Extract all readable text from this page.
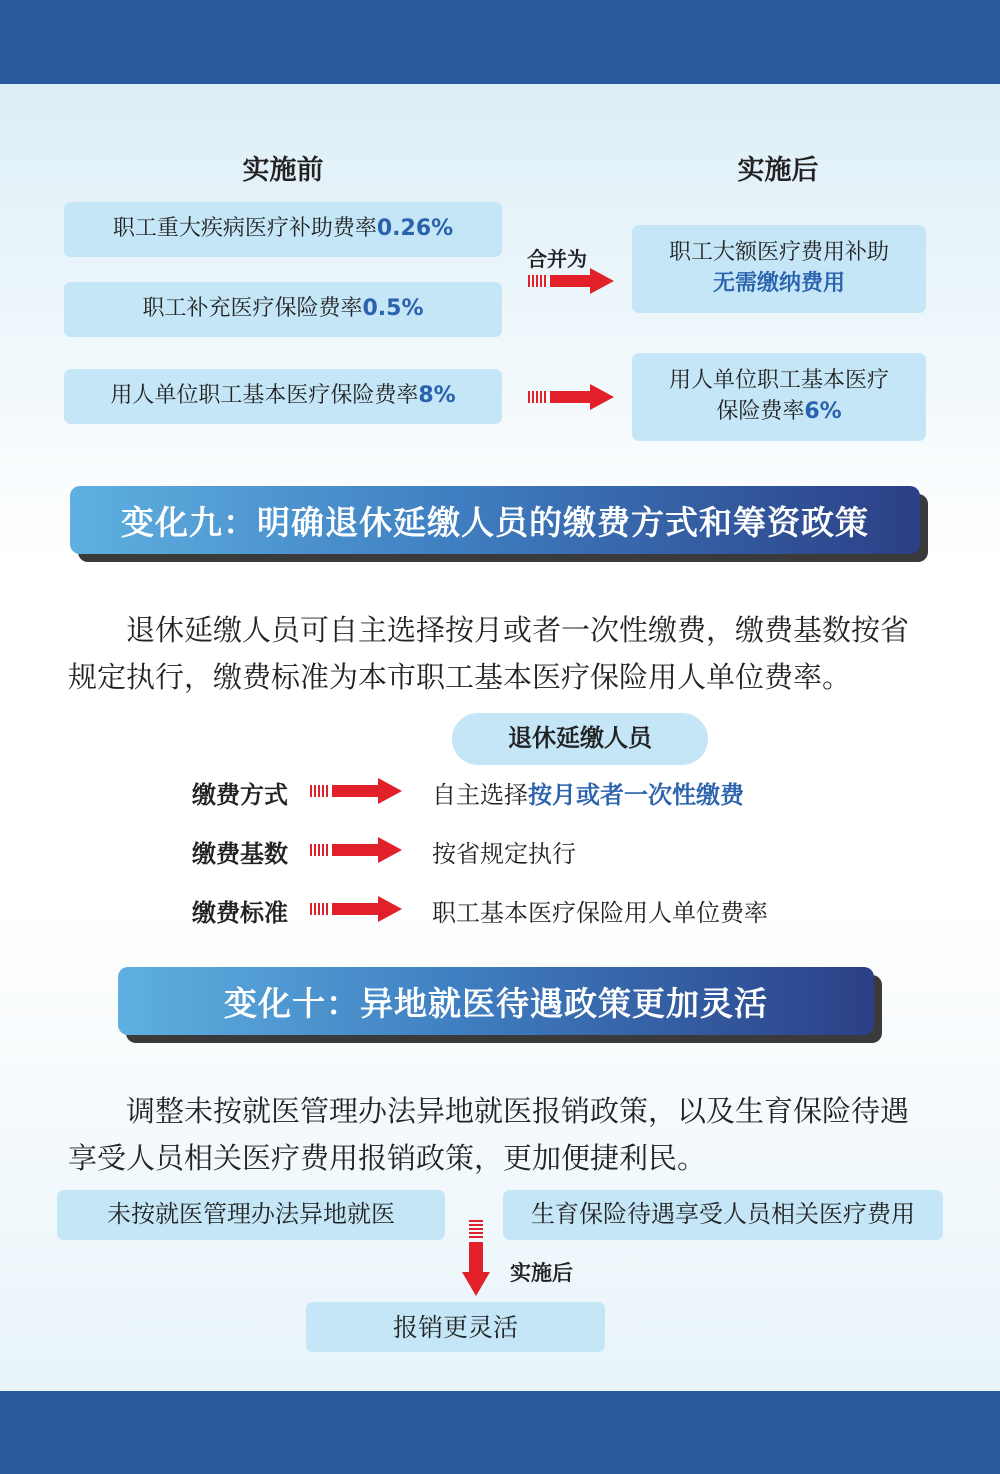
实施前	实施后
职工重大疾病医疗补助费率0.26%
职工补充医疗保险费率0.5%
用人单位职工基本医疗保险费率8%
合并为	职工大额医疗费用补助
无需缴纳费用
用人单位职工基本医疗
保险费率6%
变化九：明确退休延缴人员的缴费方式和筹资政策
退休延缴人员可自主选择按月或者一次性缴费，缴费基数按省规定执行，缴费标准为本市职工基本医疗保险用人单位费率。
退休延缴人员
缴费方式	自主选择按月或者一次性缴费
缴费基数	按省规定执行
缴费标准	职工基本医疗保险用人单位费率
变化十：异地就医待遇政策更加灵活
调整未按就医管理办法异地就医报销政策，以及生育保险待遇享受人员相关医疗费用报销政策，更加便捷利民。
未按就医管理办法异地就医	生育保险待遇享受人员相关医疗费用
实施后
报销更灵活
